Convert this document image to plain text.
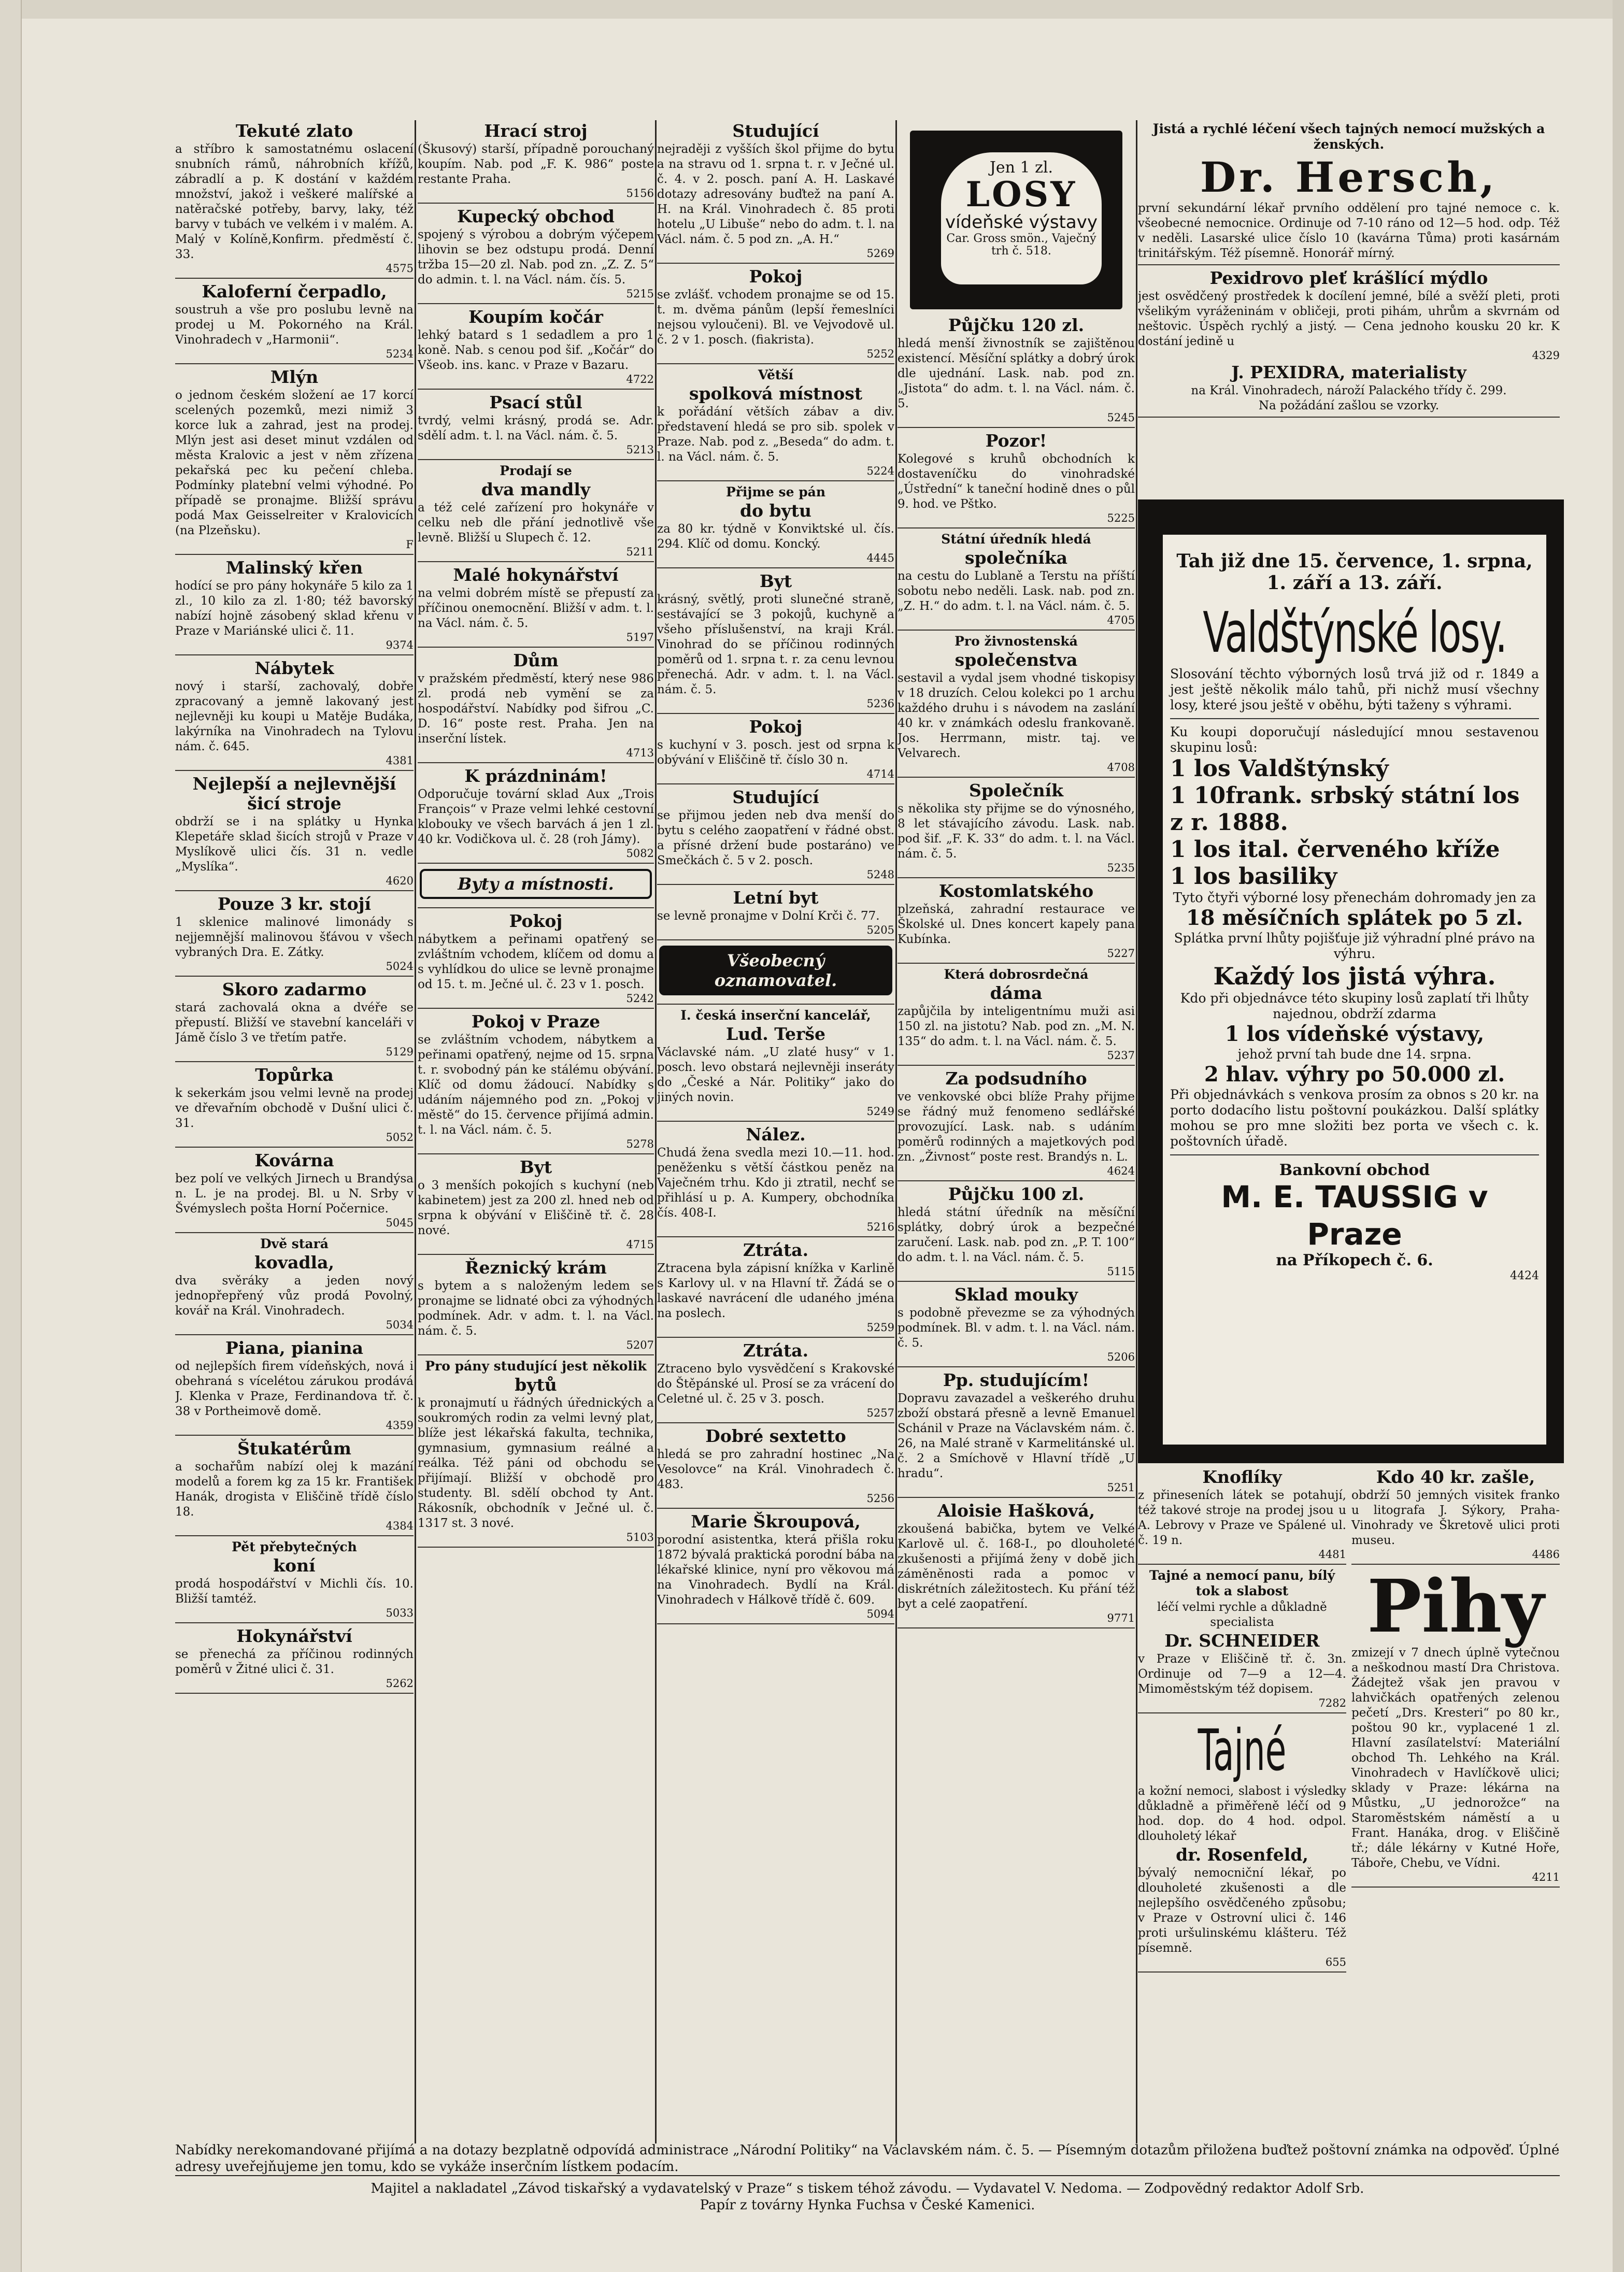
Tekuté zlato
a stříbro k samostatnému oslacení snubních rámů, náhrobních křížů, zábradlí a p. K dostání v každém množství, jakož i veškeré malířské a natěračské potřeby, barvy, laky, též barvy v tubách ve velkém i v malém. A. Malý v Kolíně,Konfirm. předměstí č. 33.
4575
Kaloferní čerpadlo,
soustruh a vše pro poslubu levně na prodej u M. Pokorného na Král. Vinohradech v „Harmonii“.
5234
Mlýn
o jednom českém složení ae 17 korcí scelených pozemků, mezi nimiž 3 korce luk a zahrad, jest na prodej. Mlýn jest asi deset minut vzdálen od města Kralovic a jest v něm zřízena pekařská pec ku pečení chleba. Podmínky platební velmi výhodné. Po případě se pronajme. Bližší správu podá Max Geisselreiter v Kralovicích (na Plzeňsku).
F
Malinský křen
hodící se pro pány hokynáře 5 kilo za 1 zl., 10 kilo za zl. 1·80; též bavorský nabízí hojně zásobený sklad křenu v Praze v Mariánské ulici č. 11.
9374
Nábytek
nový i starší, zachovalý, dobře zpracovaný a jemně lakovaný jest nejlevněji ku koupi u Matěje Budáka, lakýrníka na Vinohradech na Tylovu nám. č. 645.
4381
Nejlepší a nejlevnější šicí stroje
obdrží se i na splátky u Hynka Klepetáře sklad šicích strojů v Praze v Myslíkově ulici čís. 31 n. vedle „Myslíka“.
4620
Pouze 3 kr. stojí
1 sklenice malinové limonády s nejjemnější malinovou šťávou v všech vybraných Dra. E. Zátky.
5024
Skoro zadarmo
stará zachovalá okna a dvéře se přepustí. Bližší ve stavební kanceláři v Jámě číslo 3 ve třetím patře.
5129
Topůrka
k sekerkám jsou velmi levně na prodej ve dřevařním obchodě v Dušní ulici č. 31.
5052
Kovárna
bez polí ve velkých Jirnech u Brandýsa n. L. je na prodej. Bl. u N. Srby v Švémyslech pošta Horní Počernice.
5045
Dvě stará
kovadla,
dva svěráky a jeden nový jednopřepřený vůz prodá Povolný, kovář na Král. Vinohradech.
5034
Piana, pianina
od nejlepších firem vídeňských, nová i obehraná s vícelétou zárukou prodává J. Klenka v Praze, Ferdinandova tř. č. 38 v Portheimově domě.
4359
Štukatérům
a sochařům nabízí olej k mazání modelů a forem kg za 15 kr. František Hanák, drogista v Eliščině třídě číslo 18.
4384
Pět přebytečných
koní
prodá hospodářství v Michli čís. 10. Bližší tamtéž.
5033
Hokynářství
se přenechá za příčinou rodinných poměrů v Žitné ulici č. 31.
5262
Hrací stroj
(Škusový) starší, případně porouchaný koupím. Nab. pod „F. K. 986“ poste restante Praha.
5156
Kupecký obchod
spojený s výrobou a dobrým výčepem lihovin se bez odstupu prodá. Denní tržba 15—20 zl. Nab. pod zn. „Z. Z. 5“ do admin. t. l. na Václ. nám. čís. 5.
5215
Koupím kočár
lehký batard s 1 sedadlem a pro 1 koně. Nab. s cenou pod šif. „Kočár“ do Všeob. ins. kanc. v Praze v Bazaru.
4722
Psací stůl
tvrdý, velmi krásný, prodá se. Adr. sdělí adm. t. l. na Václ. nám. č. 5.
5213
Prodají se
dva mandly
a též celé zařízení pro hokynáře v celku neb dle přání jednotlivě vše levně. Bližší u Slupech č. 12.
5211
Malé hokynářství
na velmi dobrém místě se přepustí za příčinou onemocnění. Bližší v adm. t. l. na Václ. nám. č. 5.
5197
Dům
v pražském předměstí, který nese 986 zl. prodá neb vymění se za hospodářství. Nabídky pod šifrou „C. D. 16“ poste rest. Praha. Jen na inserční lístek.
4713
K prázdninám!
Odporučuje tovární sklad Aux „Trois François“ v Praze velmi lehké cestovní klobouky ve všech barvách á jen 1 zl. 40 kr. Vodičkova ul. č. 28 (roh Jámy).
5082
Byty a místnosti.
Pokoj
nábytkem a peřinami opatřený se zvláštním vchodem, klíčem od domu a s vyhlídkou do ulice se levně pronajme od 15. t. m. Ječné ul. č. 23 v 1. posch.
5242
Pokoj v Praze
se zvláštním vchodem, nábytkem a peřinami opatřený, nejme od 15. srpna t. r. svobodný pán ke stálému obývání. Klíč od domu žádoucí. Nabídky s udáním nájemného pod zn. „Pokoj v městě“ do 15. července přijímá admin. t. l. na Václ. nám. č. 5.
5278
Byt
o 3 menších pokojích s kuchyní (neb kabinetem) jest za 200 zl. hned neb od srpna k obývání v Eliščině tř. č. 28 nové.
4715
Řeznický krám
s bytem a s naloženým ledem se pronajme se lidnaté obci za výhodných podmínek. Adr. v adm. t. l. na Václ. nám. č. 5.
5207
Pro pány studující jest několik
bytů
k pronajmutí u řádných úřednických a soukromých rodin za velmi levný plat, blíže jest lékařská fakulta, technika, gymnasium, gymnasium reálné a reálka. Též páni od obchodu se přijímají. Bližší v obchodě pro studenty. Bl. sdělí obchod ty Ant. Rákosník, obchodník v Ječné ul. č. 1317 st. 3 nové.
5103
Studující
nejraději z vyšších škol přijme do bytu a na stravu od 1. srpna t. r. v Ječné ul. č. 4. v 2. posch. paní A. H. Laskavé dotazy adresovány buďtež na paní A. H. na Král. Vinohradech č. 85 proti hotelu „U Libuše“ nebo do adm. t. l. na Václ. nám. č. 5 pod zn. „A. H.“
5269
Pokoj
se zvlášť. vchodem pronajme se od 15. t. m. dvěma pánům (lepší řemeslníci nejsou vyloučeni). Bl. ve Vejvodově ul. č. 2 v 1. posch. (fiakrista).
5252
Větší
spolková místnost
k pořádání větších zábav a div. představení hledá se pro sib. spolek v Praze. Nab. pod z. „Beseda“ do adm. t. l. na Václ. nám. č. 5.
5224
Přijme se pán
do bytu
za 80 kr. týdně v Konviktské ul. čís. 294. Klíč od domu. Koncký.
4445
Byt
krásný, světlý, proti slunečné straně, sestávající se 3 pokojů, kuchyně a všeho příslušenství, na kraji Král. Vinohrad do se příčinou rodinných poměrů od 1. srpna t. r. za cenu levnou přenechá. Adr. v adm. t. l. na Václ. nám. č. 5.
5236
Pokoj
s kuchyní v 3. posch. jest od srpna k obývání v Eliščině tř. číslo 30 n.
4714
Studující
se přijmou jeden neb dva menší do bytu s celého zaopatření v řádné obst. a přísné držení bude postaráno) ve Smečkách č. 5 v 2. posch.
5248
Letní byt
se levně pronajme v Dolní Krči č. 77.
5205
Všeobecný oznamovatel.
I. česká inserční kancelář,
Lud. Terše
Václavské nám. „U zlaté husy“ v 1. posch. levo obstará nejlevněji inseráty do „České a Nár. Politiky“ jako do jiných novin.
5249
Nález.
Chudá žena svedla mezi 10.—11. hod. peněženku s větší částkou peněz na Vaječném trhu. Kdo ji ztratil, nechť se přihlásí u p. A. Kumpery, obchodníka čís. 408-I.
5216
Ztráta.
Ztracena byla zápisní knížka v Karlině s Karlovy ul. v na Hlavní tř. Žádá se o laskavé navrácení dle udaného jména na poslech.
5259
Ztráta.
Ztraceno bylo vysvědčení s Krakovské do Štěpánské ul. Prosí se za vrácení do Celetné ul. č. 25 v 3. posch.
5257
Dobré sextetto
hledá se pro zahradní hostinec „Na Vesolovce“ na Král. Vinohradech č. 483.
5256
Marie Škroupová,
porodní asistentka, která přišla roku 1872 bývalá praktická porodní bába na lékařské klinice, nyní pro věkovou má na Vinohradech. Bydlí na Král. Vinohradech v Hálkově třídě č. 609.
5094
Jen 1 zl.
LOSY
vídeňské výstavy
Car. Gross smön., Vaječný trh č. 518.
Půjčku 120 zl.
hledá menší živnostník se zajištěnou existencí. Měsíční splátky a dobrý úrok dle ujednání. Lask. nab. pod zn. „Jistota“ do adm. t. l. na Václ. nám. č. 5.
5245
Pozor!
Kolegové s kruhů obchodních k dostaveníčku do vinohradské „Ústřední“ k taneční hodině dnes o půl 9. hod. ve Pštko.
5225
Státní úředník hledá
společníka
na cestu do Lublaně a Terstu na příští sobotu nebo neděli. Lask. nab. pod zn. „Z. H.“ do adm. t. l. na Václ. nám. č. 5.
4705
Pro živnostenská
společenstva
sestavil a vydal jsem vhodné tiskopisy v 18 druzích. Celou kolekci po 1 archu každého druhu i s návodem na zaslání 40 kr. v známkách odeslu frankovaně. Jos. Herrmann, mistr. taj. ve Velvarech.
4708
Společník
s několika sty přijme se do výnosného, 8 let stávajícího závodu. Lask. nab. pod šif. „F. K. 33“ do adm. t. l. na Václ. nám. č. 5.
5235
Kostomlatského
plzeňská, zahradní restaurace ve Školské ul. Dnes koncert kapely pana Kubínka.
5227
Která dobrosrdečná
dáma
zapůjčila by inteligentnímu muži asi 150 zl. na jistotu? Nab. pod zn. „M. N. 135“ do adm. t. l. na Václ. nám. č. 5.
5237
Za podsudního
ve venkovské obci blíže Prahy přijme se řádný muž fenomeno sedlářské provozující. Lask. nab. s udáním poměrů rodinných a majetkových pod zn. „Živnost“ poste rest. Brandýs n. L.
4624
Půjčku 100 zl.
hledá státní úředník na měsíční splátky, dobrý úrok a bezpečné zaručení. Lask. nab. pod zn. „P. T. 100“ do adm. t. l. na Václ. nám. č. 5.
5115
Sklad mouky
s podobně převezme se za výhodných podmínek. Bl. v adm. t. l. na Václ. nám. č. 5.
5206
Pp. studujícím!
Dopravu zavazadel a veškerého druhu zboží obstará přesně a levně Emanuel Schánil v Praze na Václavském nám. č. 26, na Malé straně v Karmelitánské ul. č. 2 a Smíchově v Hlavní třídě „U hradu“.
5251
Aloisie Hašková,
zkoušená babička, bytem ve Velké Karlově ul. č. 168-I., po dlouholeté zkušenosti a přijímá ženy v době jich záměněnosti rada a pomoc v diskrétních záležitostech. Ku přání též byt a celé zaopatření.
9771
Jistá a rychlé léčení všech tajných nemocí mužských a ženských.
Dr. Hersch,
první sekundární lékař prvního oddělení pro tajné nemoce c. k. všeobecné nemocnice. Ordinuje od 7-10 ráno od 12—5 hod. odp. Též v neděli. Lasarské ulice číslo 10 (kavárna Tůma) proti kasárnám trinitářským. Též písemně. Honorář mírný.
Pexidrovo pleť krášlící mýdlo
jest osvědčený prostředek k docílení jemné, bílé a svěží pleti, proti všelikým vyráženinám v obličeji, proti pihám, uhrům a skvrnám od neštovic. Úspěch rychlý a jistý. — Cena jednoho kousku 20 kr. K dostání jedině u
4329
J. PEXIDRA, materialisty
na Král. Vinohradech, nároží Palackého třídy č. 299.
Na požádání zašlou se vzorky.
Tah již dne 15. července, 1. srpna, 1. září a 13. září.
Valdštýnské losy.
Slosování těchto výborných losů trvá již od r. 1849 a jest ještě několik málo tahů, při nichž musí všechny losy, které jsou ještě v oběhu, býti taženy s výhrami.
Ku koupi doporučují následující mnou sestavenou skupinu losů:
1 los Valdštýnský
1 10frank. srbský státní los z r. 1888.
1 los ital. červeného kříže
1 los basiliky
Tyto čtyři výborné losy přenechám dohromady jen za
18 měsíčních splátek po 5 zl.
Splátka první lhůty pojišťuje již výhradní plné právo na výhru.
Každý los jistá výhra.
Kdo při objednávce této skupiny losů zaplatí tři lhůty najednou, obdrží zdarma
1 los vídeňské výstavy,
jehož první tah bude dne 14. srpna.
2 hlav. výhry po 50.000 zl.
Při objednávkách s venkova prosím za obnos s 20 kr. na porto dodacího listu poštovní poukázkou. Další splátky mohou se pro mne složiti bez porta ve všech c. k. poštovních úřadě.
Bankovní obchod
M. E. TAUSSIG v Praze
na Příkopech č. 6.
4424
Knoflíky
z přineseních látek se potahují, též takové stroje na prodej jsou u A. Lebrovy v Praze ve Spálené ul. č. 19 n.
4481
Tajné a nemocí panu, bílý tok a slabost
léčí velmi rychle a důkladně specialista
Dr. SCHNEIDER
v Praze v Eliščině tř. č. 3n. Ordinuje od 7—9 a 12—4. Mimoměstským též dopisem.
7282
Tajné
a kožní nemoci, slabost i výsledky důkladně a přiměřeně léčí od 9 hod. dop. do 4 hod. odpol. dlouholetý lékař
dr. Rosenfeld,
bývalý nemocniční lékař, po dlouholeté zkušenosti a dle nejlepšího osvědčeného způsobu; v Praze v Ostrovní ulici č. 146 proti uršulinskému klášteru. Též písemně.
655
Kdo 40 kr. zašle,
obdrží 50 jemných visitek franko u litografa J. Sýkory, Praha-Vinohrady ve Škretově ulici proti museu.
4486
Pihy
zmizejí v 7 dnech úplně vytečnou a neškodnou mastí Dra Christova. Žádejtež však jen pravou v lahvičkách opatřených zelenou pečetí „Drs. Kresteri“ po 80 kr., poštou 90 kr., vyplacené 1 zl. Hlavní zasílatelství: Materiální obchod Th. Lehkého na Král. Vinohradech v Havlíčkově ulici; sklady v Praze: lékárna na Můstku, „U jednorožce“ na Staroměstském náměstí a u Frant. Hanáka, drog. v Eliščině tř.; dále lékárny v Kutné Hoře, Táboře, Chebu, ve Vídni.
4211
Nabídky nerekomandované přijímá a na dotazy bezplatně odpovídá administrace „Národní Politiky“ na Václavském nám. č. 5. — Písemným dotazům přiložena buďtež poštovní známka na odpověď. Úplné adresy uveřejňujeme jen tomu, kdo se vykáže inserčním lístkem podacím.
Majitel a nakladatel „Závod tiskařský a vydavatelský v Praze“ s tiskem téhož závodu. — Vydavatel V. Nedoma. — Zodpovědný redaktor Adolf Srb.
Papír z továrny Hynka Fuchsa v České Kamenici.
